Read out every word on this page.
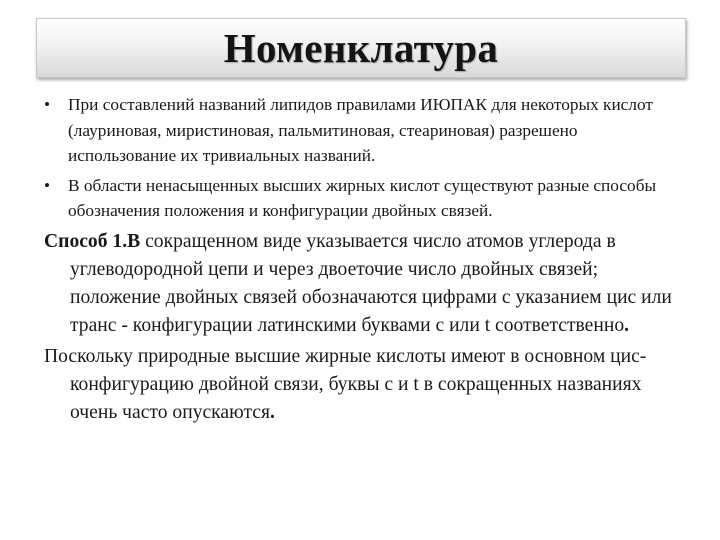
Номенклатура
• При составлений названий липидов правилами ИЮПАК для некоторых кислот (лауриновая, миристиновая, пальмитиновая, стеариновая) разрешено использование их тривиальных названий.
• В области ненасыщенных высших жирных кислот существуют разные способы обозначения положения и конфигурации двойных связей.

Способ 1.В сокращенном виде указывается число атомов углерода в углеводородной цепи и через двоеточие число двойных связей; положение двойных связей обозначаются цифрами с указанием цис или транс - конфигурации латинскими буквами с или t соответственно.

Поскольку природные высшие жирные кислоты имеют в основном цис-конфигурацию двойной связи, буквы с и t в сокращенных названиях очень часто опускаются.
